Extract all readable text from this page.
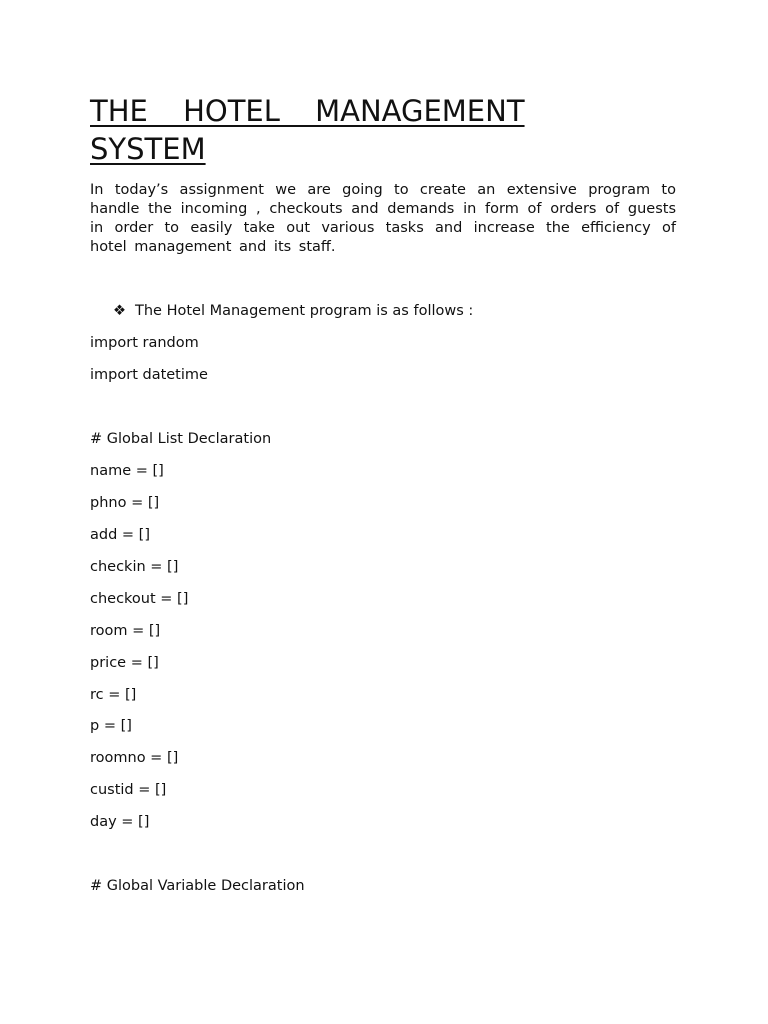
THE HOTEL MANAGEMENT
SYSTEM

In today’s assignment we are going to create an extensive program to handle the incoming , checkouts and demands in form of orders of guests in order to easily take out various tasks and increase the efficiency of hotel management and its staff.

❖ The Hotel Management program is as follows :
import random
import datetime
# Global List Declaration
name = []
phno = []
add = []
checkin = []
checkout = []
room = []
price = []
rc = []
p = []
roomno = []
custid = []
day = []
# Global Variable Declaration
